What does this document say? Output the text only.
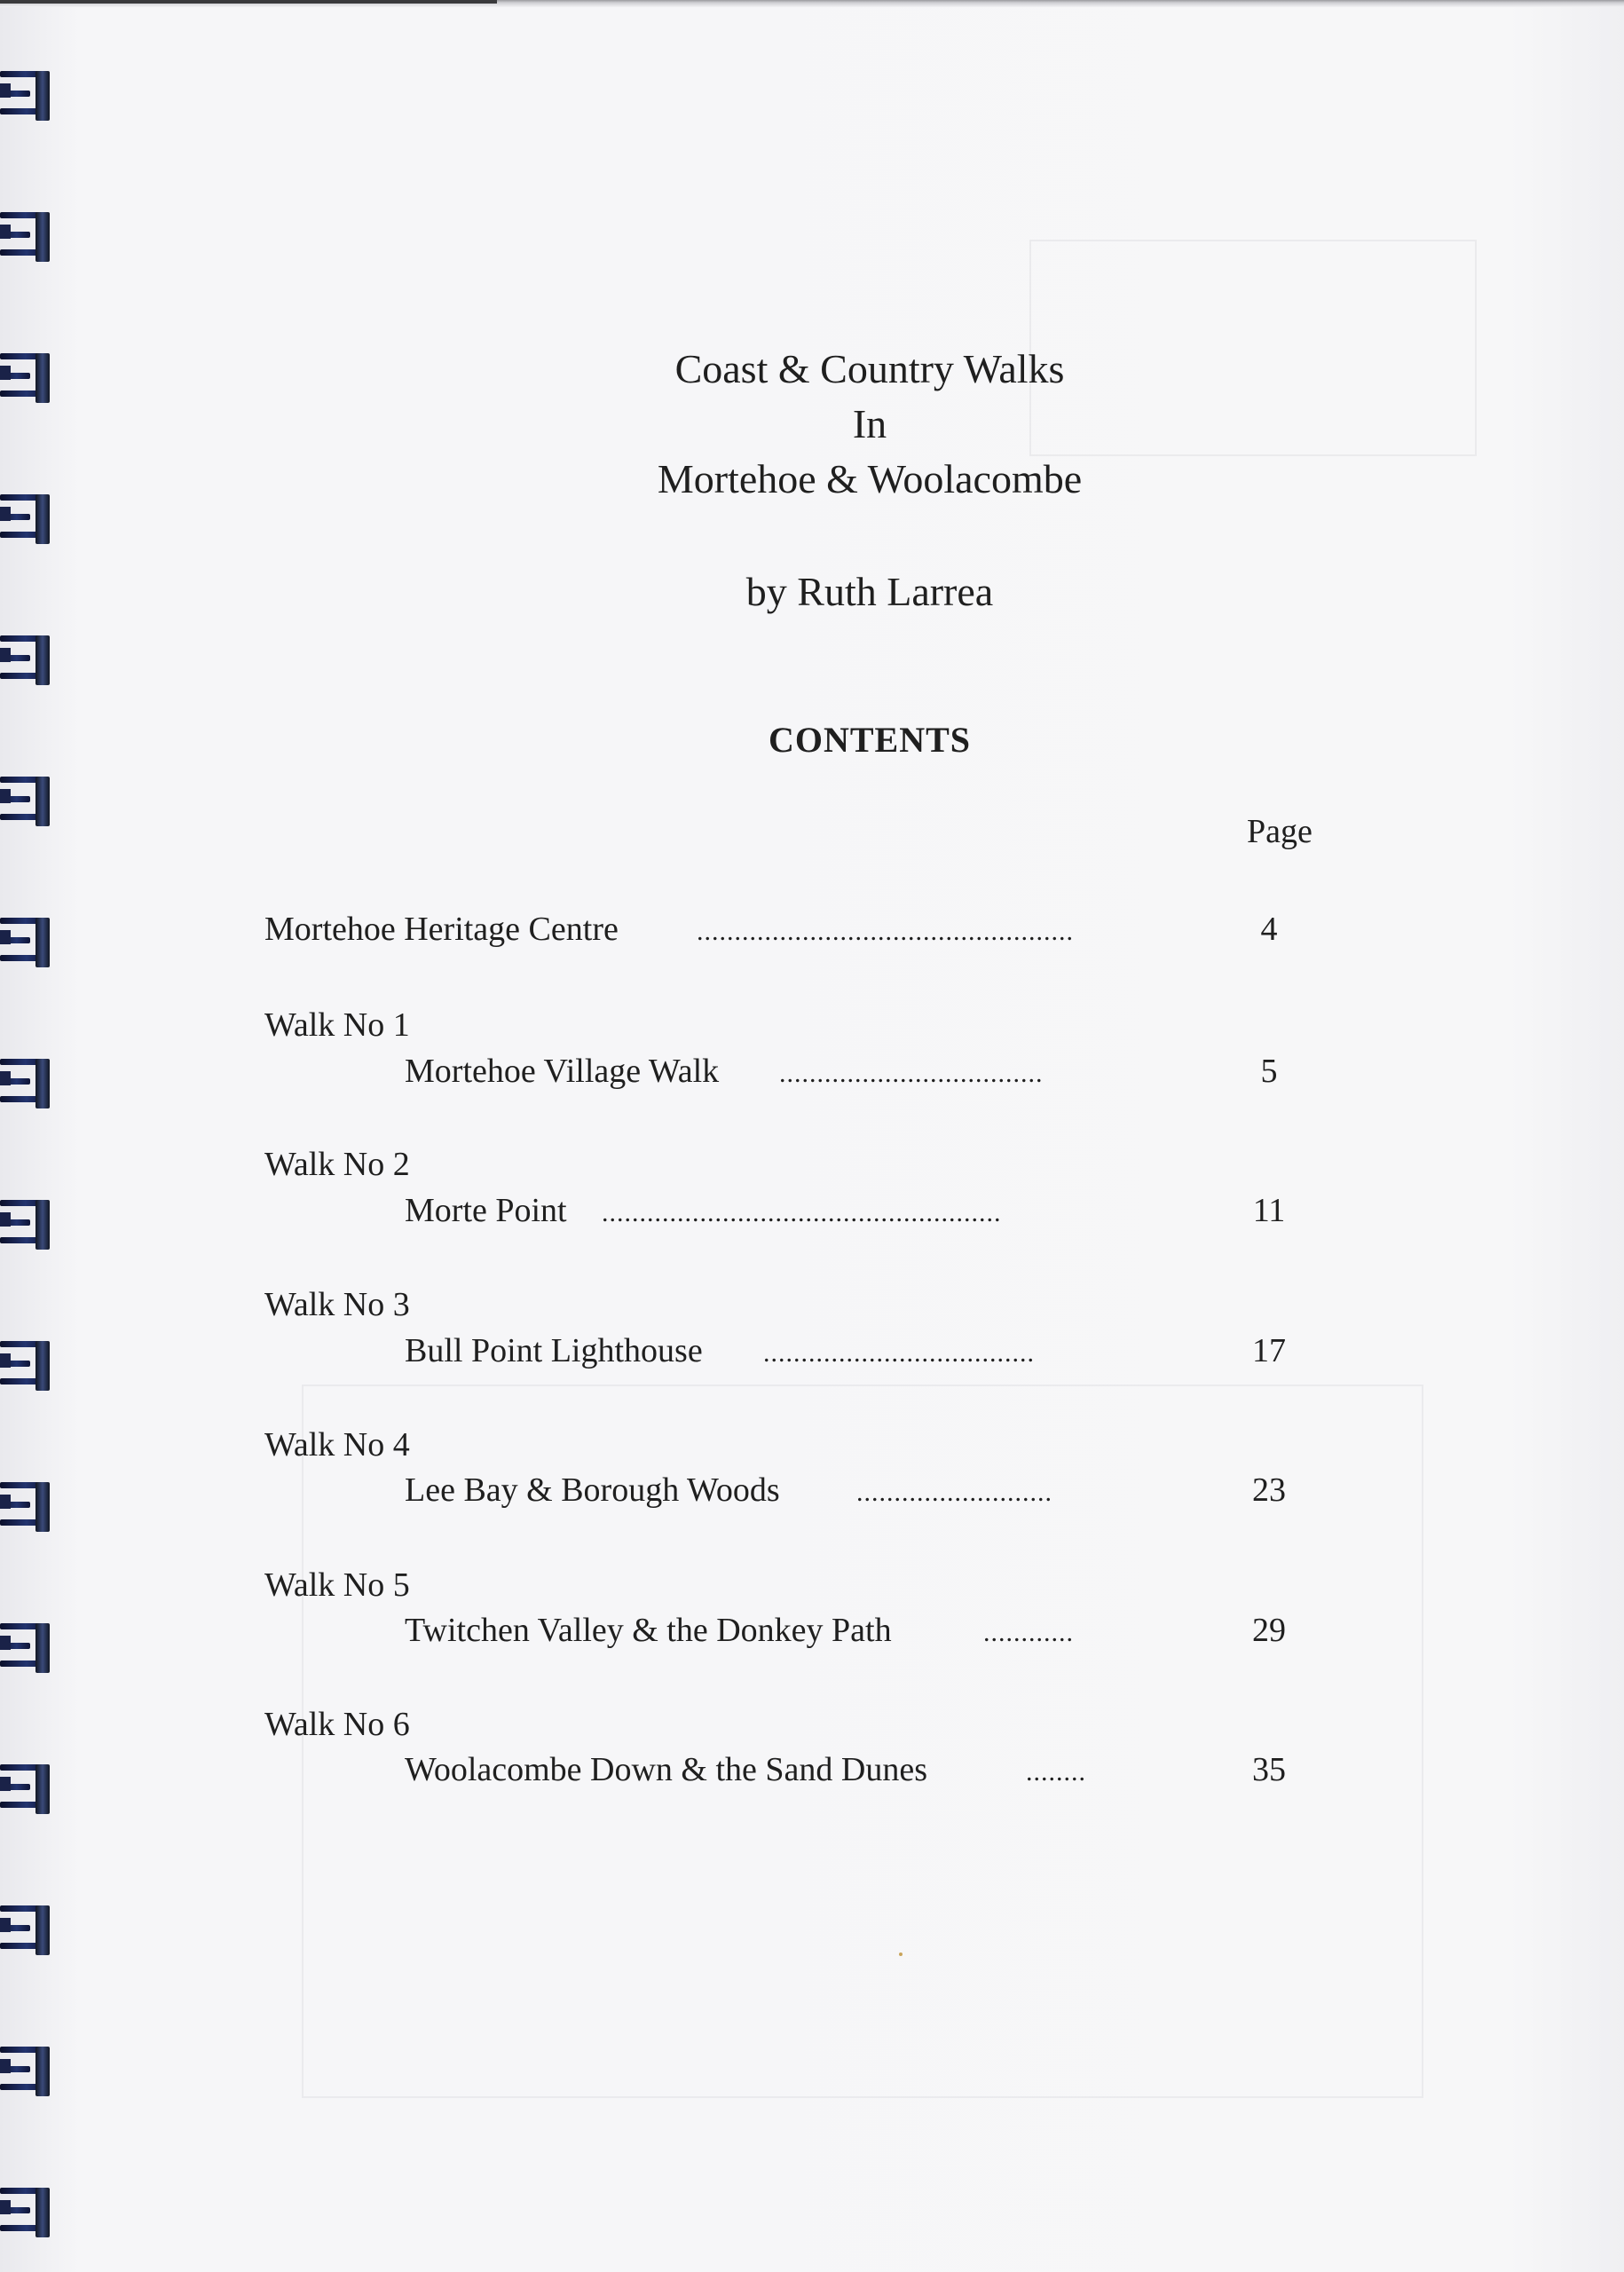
Coast & Country Walks
In
Mortehoe & Woolacombe
by Ruth Larrea
CONTENTS
Page
Mortehoe Heritage Centre	..................................................	4
Walk No 1
Mortehoe Village Walk ...................................	5
Walk No 2
Morte Point .....................................................	11
Walk No 3
Bull Point Lighthouse ....................................	17
Walk No 4
Lee Bay & Borough Woods	..........................	23
Walk No 5
Twitchen Valley & the Donkey Path	............	29
Walk No 6
Woolacombe Down & the Sand Dunes	........	35
